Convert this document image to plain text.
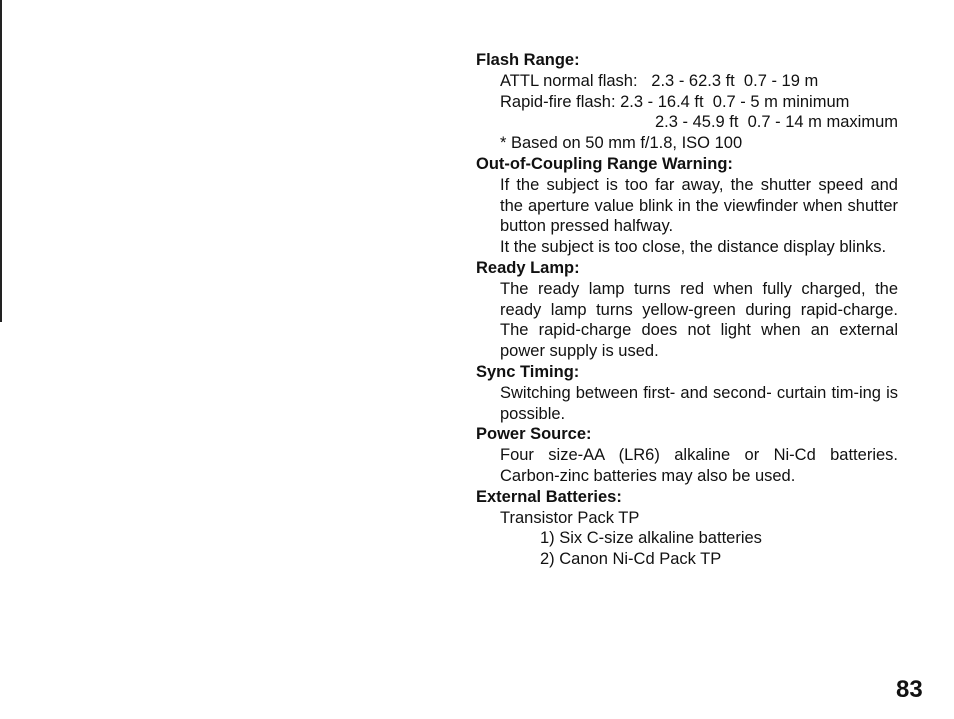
Flash Range:

ATTL normal flash:   2.3 - 62.3 ft  0.7 - 19 m

Rapid-fire flash: 2.3 - 16.4 ft  0.7 - 5 m minimum

2.3 - 45.9 ft  0.7 - 14 m maximum

* Based on 50 mm f/1.8, ISO 100

Out-of-Coupling Range Warning:

If the subject is too far away, the shutter speed and the aperture value blink in the viewfinder when shutter button pressed halfway.

It the subject is too close, the distance display blinks.

Ready Lamp:

The ready lamp turns red when fully charged, the ready lamp turns yellow-green during rapid-charge. The rapid-charge does not light when an external power supply is used.

Sync Timing:

Switching between first- and second- curtain tim-ing is possible.

Power Source:

Four size-AA (LR6) alkaline or Ni-Cd batteries. Carbon-zinc batteries may also be used.

External Batteries:

Transistor Pack TP

1) Six C-size alkaline batteries

2) Canon Ni-Cd Pack TP

83
